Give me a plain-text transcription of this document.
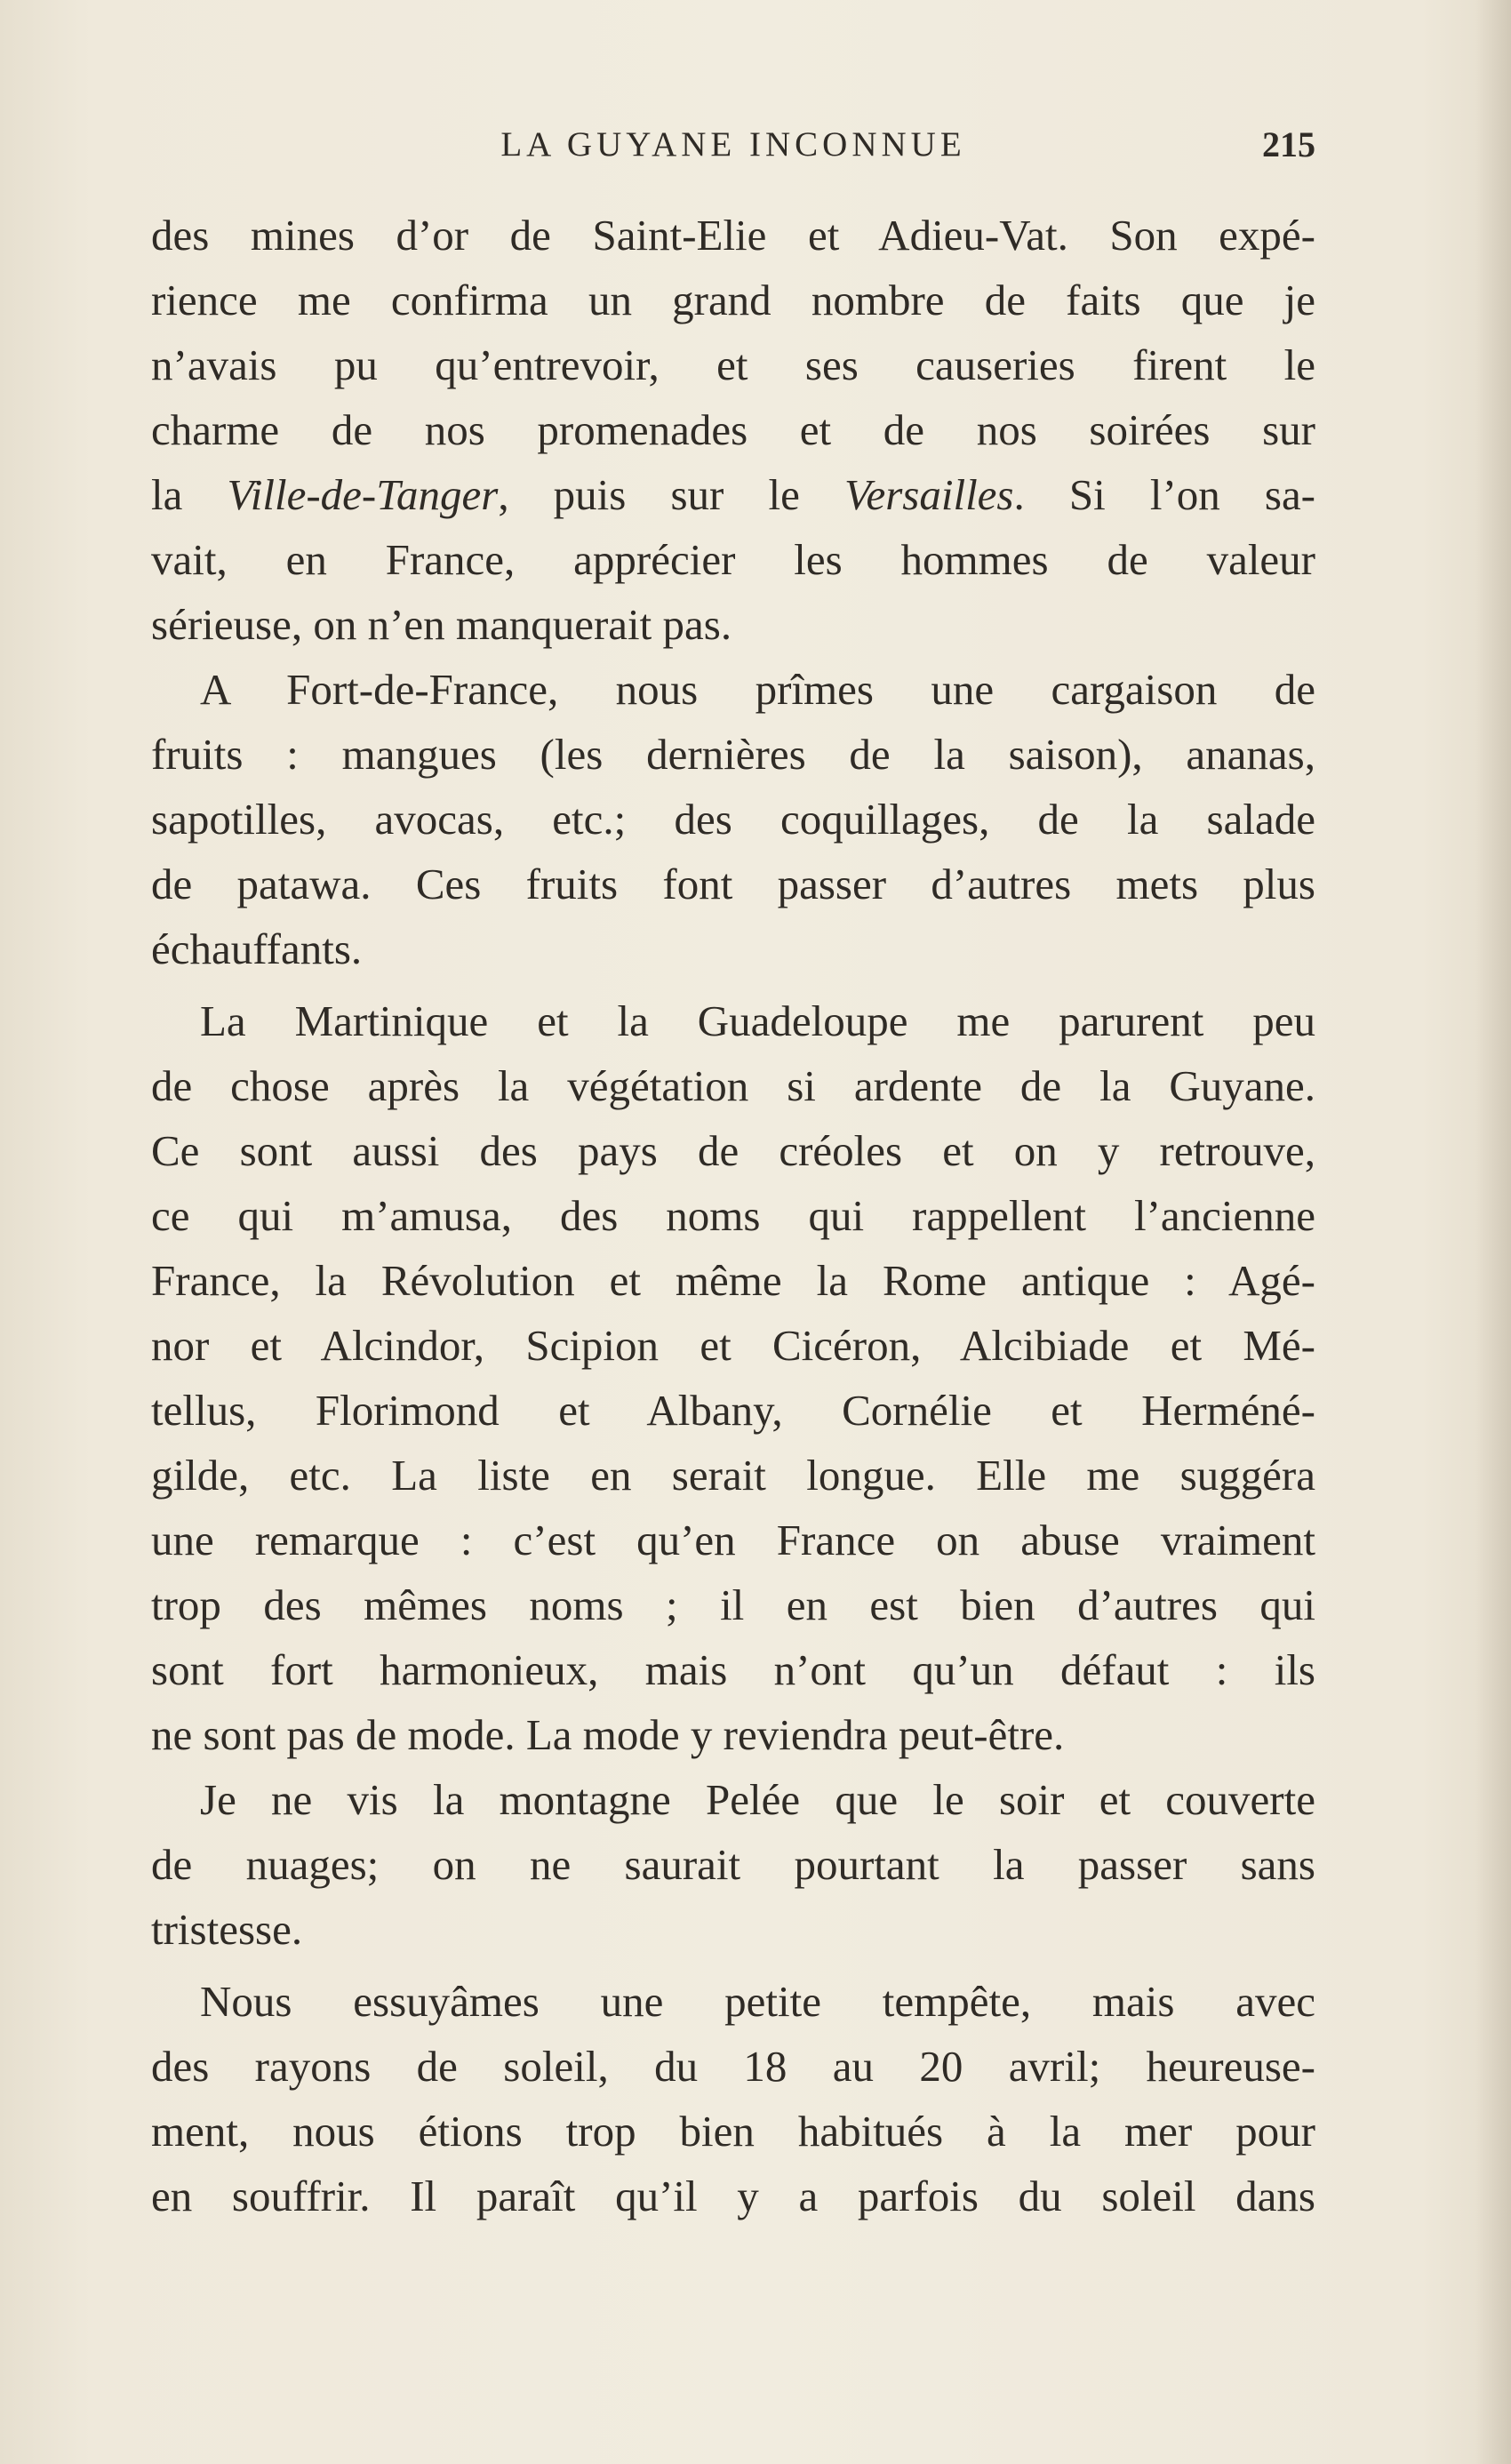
LA GUYANE INCONNUE	215
des mines d’or de Saint-Elie et Adieu-Vat. Son expé-
rience me confirma un grand nombre de faits que je
n’avais pu qu’entrevoir, et ses causeries firent le
charme de nos promenades et de nos soirées sur
la Ville-de-Tanger, puis sur le Versailles. Si l’on sa-
vait, en France, apprécier les hommes de valeur
sérieuse, on n’en manquerait pas.
A Fort-de-France, nous prîmes une cargaison de
fruits : mangues (les dernières de la saison), ananas,
sapotilles, avocas, etc.; des coquillages, de la salade
de patawa. Ces fruits font passer d’autres mets plus
échauffants.
La Martinique et la Guadeloupe me parurent peu
de chose après la végétation si ardente de la Guyane.
Ce sont aussi des pays de créoles et on y retrouve,
ce qui m’amusa, des noms qui rappellent l’ancienne
France, la Révolution et même la Rome antique : Agé-
nor et Alcindor, Scipion et Cicéron, Alcibiade et Mé-
tellus, Florimond et Albany, Cornélie et Herméné-
gilde, etc. La liste en serait longue. Elle me suggéra
une remarque : c’est qu’en France on abuse vraiment
trop des mêmes noms ; il en est bien d’autres qui
sont fort harmonieux, mais n’ont qu’un défaut : ils
ne sont pas de mode. La mode y reviendra peut-être.
Je ne vis la montagne Pelée que le soir et couverte
de nuages; on ne saurait pourtant la passer sans
tristesse.
Nous essuyâmes une petite tempête, mais avec
des rayons de soleil, du 18 au 20 avril; heureuse-
ment, nous étions trop bien habitués à la mer pour
en souffrir. Il paraît qu’il y a parfois du soleil dans
